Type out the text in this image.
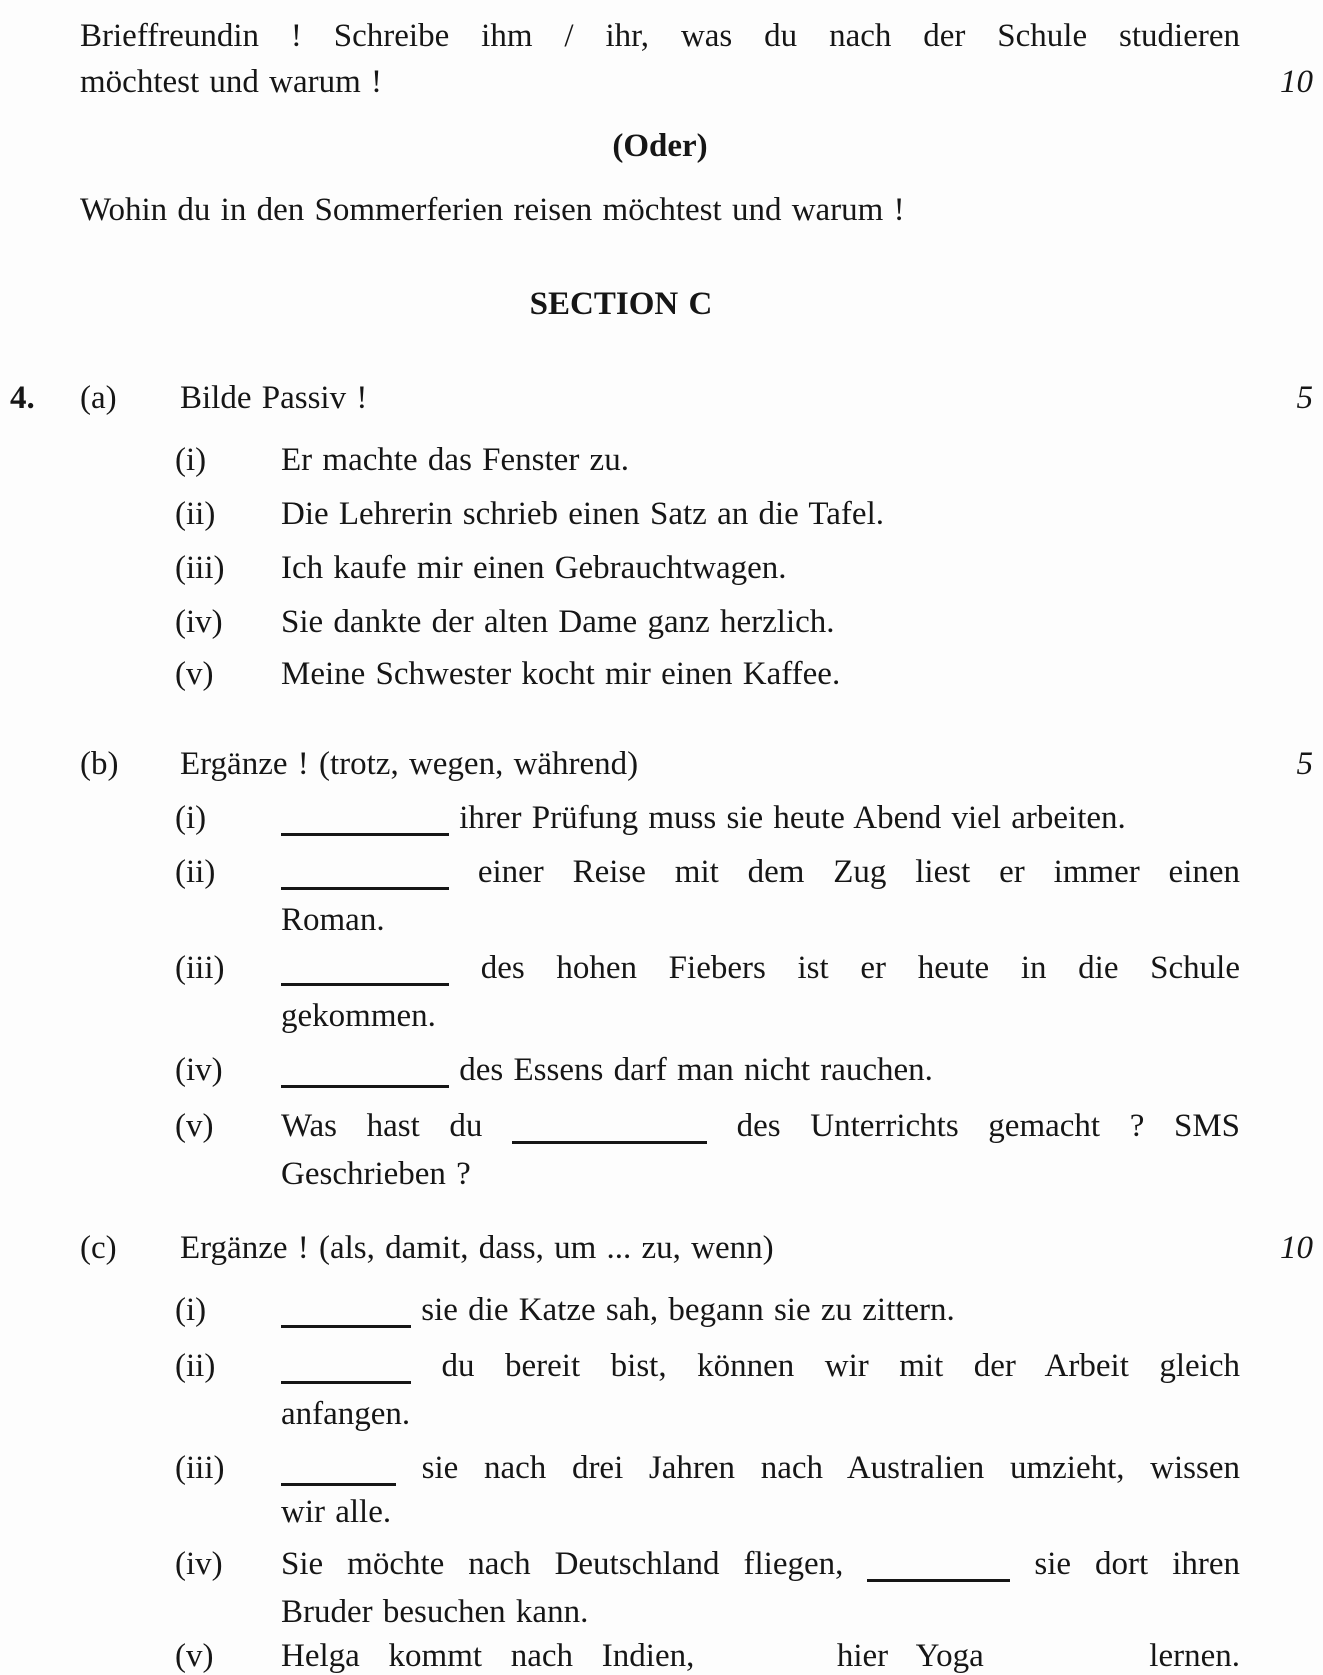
Brieffreundin ! Schreibe ihm / ihr, was du nach der Schule studieren
möchtest und warum !	10
(Oder)
Wohin du in den Sommerferien reisen möchtest und warum !
SECTION C
4. (a) Bilde Passiv !	5
(i) Er machte das Fenster zu.
(ii) Die Lehrerin schrieb einen Satz an die Tafel.
(iii) Ich kaufe mir einen Gebrauchtwagen.
(iv) Sie dankte der alten Dame ganz herzlich.
(v) Meine Schwester kocht mir einen Kaffee.
(b) Ergänze ! (trotz, wegen, während)	5
(i)	ihrer Prüfung muss sie heute Abend viel arbeiten.
(ii)	einer Reise mit dem Zug liest er immer einen
Roman.
(iii)	des hohen Fiebers ist er heute in die Schule
gekommen.
(iv)	des Essens darf man nicht rauchen.
(v) Was hast du	des Unterrichts gemacht ? SMS
Geschrieben ?
(c) Ergänze ! (als, damit, dass, um ... zu, wenn)	10
(i)	sie die Katze sah, begann sie zu zittern.
(ii)	du bereit bist, können wir mit der Arbeit gleich
anfangen.
(iii)	sie nach drei Jahren nach Australien umzieht, wissen
wir alle.
(iv) Sie möchte nach Deutschland fliegen,	sie dort ihren
Bruder besuchen kann.
(v) Helga kommt nach Indien,	hier Yoga	lernen.
